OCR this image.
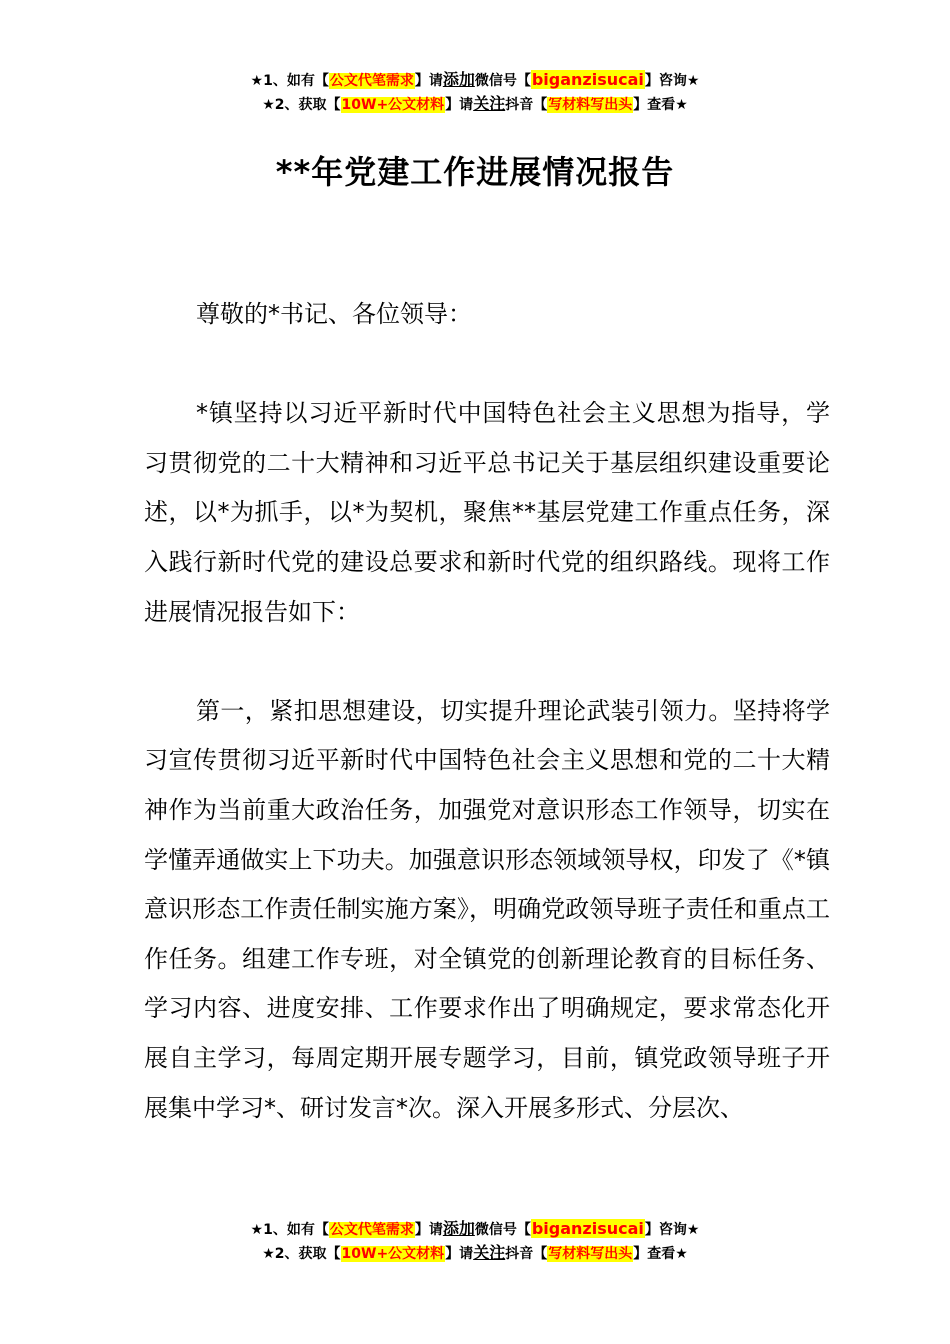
★1、如有【公文代笔需求】请添加微信号【biganzisucai】咨询★
★2、获取【10W+公文材料】请关注抖音【写材料写出头】查看★
**年党建工作进展情况报告

尊敬的*书记、各位领导：

*镇坚持以习近平新时代中国特色社会主义思想为指导，学习贯彻党的二十大精神和习近平总书记关于基层组织建设重要论述，以*为抓手，以*为契机，聚焦**基层党建工作重点任务，深入践行新时代党的建设总要求和新时代党的组织路线。现将工作进展情况报告如下：

第一，紧扣思想建设，切实提升理论武装引领力。坚持将学习宣传贯彻习近平新时代中国特色社会主义思想和党的二十大精神作为当前重大政治任务，加强党对意识形态工作领导，切实在学懂弄通做实上下功夫。加强意识形态领域领导权，印发了《*镇意识形态工作责任制实施方案》，明确党政领导班子责任和重点工作任务。组建工作专班，对全镇党的创新理论教育的目标任务、学习内容、进度安排、工作要求作出了明确规定，要求常态化开展自主学习，每周定期开展专题学习，目前，镇党政领导班子开展集中学习*、研讨发言*次。深入开展多形式、分层次、

★1、如有【公文代笔需求】请添加微信号【biganzisucai】咨询★
★2、获取【10W+公文材料】请关注抖音【写材料写出头】查看★
